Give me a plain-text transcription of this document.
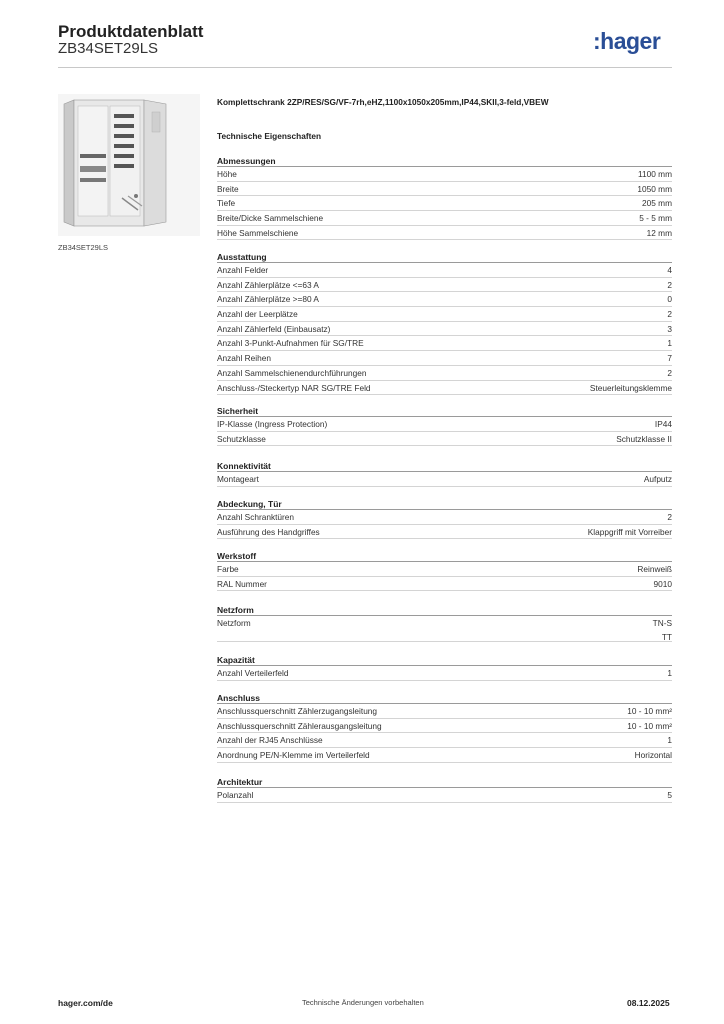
Produktdatenblatt
ZB34SET29LS	:hager
ZB34SET29LS
Komplettschrank 2ZP/RES/SG/VF-7rh,eHZ,1100x1050x205mm,IP44,SKII,3-feld,VBEW
Technische Eigenschaften
Abmessungen
Höhe	1100 mm
Breite	1050 mm
Tiefe	205 mm
Breite/Dicke Sammelschiene	5 - 5 mm
Höhe Sammelschiene	12 mm
Ausstattung
Anzahl Felder	4
Anzahl Zählerplätze <=63 A	2
Anzahl Zählerplätze >=80 A	0
Anzahl der Leerplätze	2
Anzahl Zählerfeld (Einbausatz)	3
Anzahl 3-Punkt-Aufnahmen für SG/TRE	1
Anzahl Reihen	7
Anzahl Sammelschienendurchführungen	2
Anschluss-/Steckertyp NAR SG/TRE Feld	Steuerleitungsklemme
Sicherheit
IP-Klasse (Ingress Protection)	IP44
Schutzklasse	Schutzklasse II
Konnektivität
Montageart	Aufputz
Abdeckung, Tür
Anzahl Schranktüren	2
Ausführung des Handgriffes	Klappgriff mit Vorreiber
Werkstoff
Farbe	Reinweiß
RAL Nummer	9010
Netzform
Netzform	TN-S
TT
Kapazität
Anzahl Verteilerfeld	1
Anschluss
Anschlussquerschnitt Zählerzugangsleitung	10 - 10 mm²
Anschlussquerschnitt Zählerausgangsleitung	10 - 10 mm²
Anzahl der RJ45 Anschlüsse	1
Anordnung PE/N-Klemme im Verteilerfeld	Horizontal
Architektur
Polanzahl	5
hager.com/de	Technische Änderungen vorbehalten	08.12.2025
